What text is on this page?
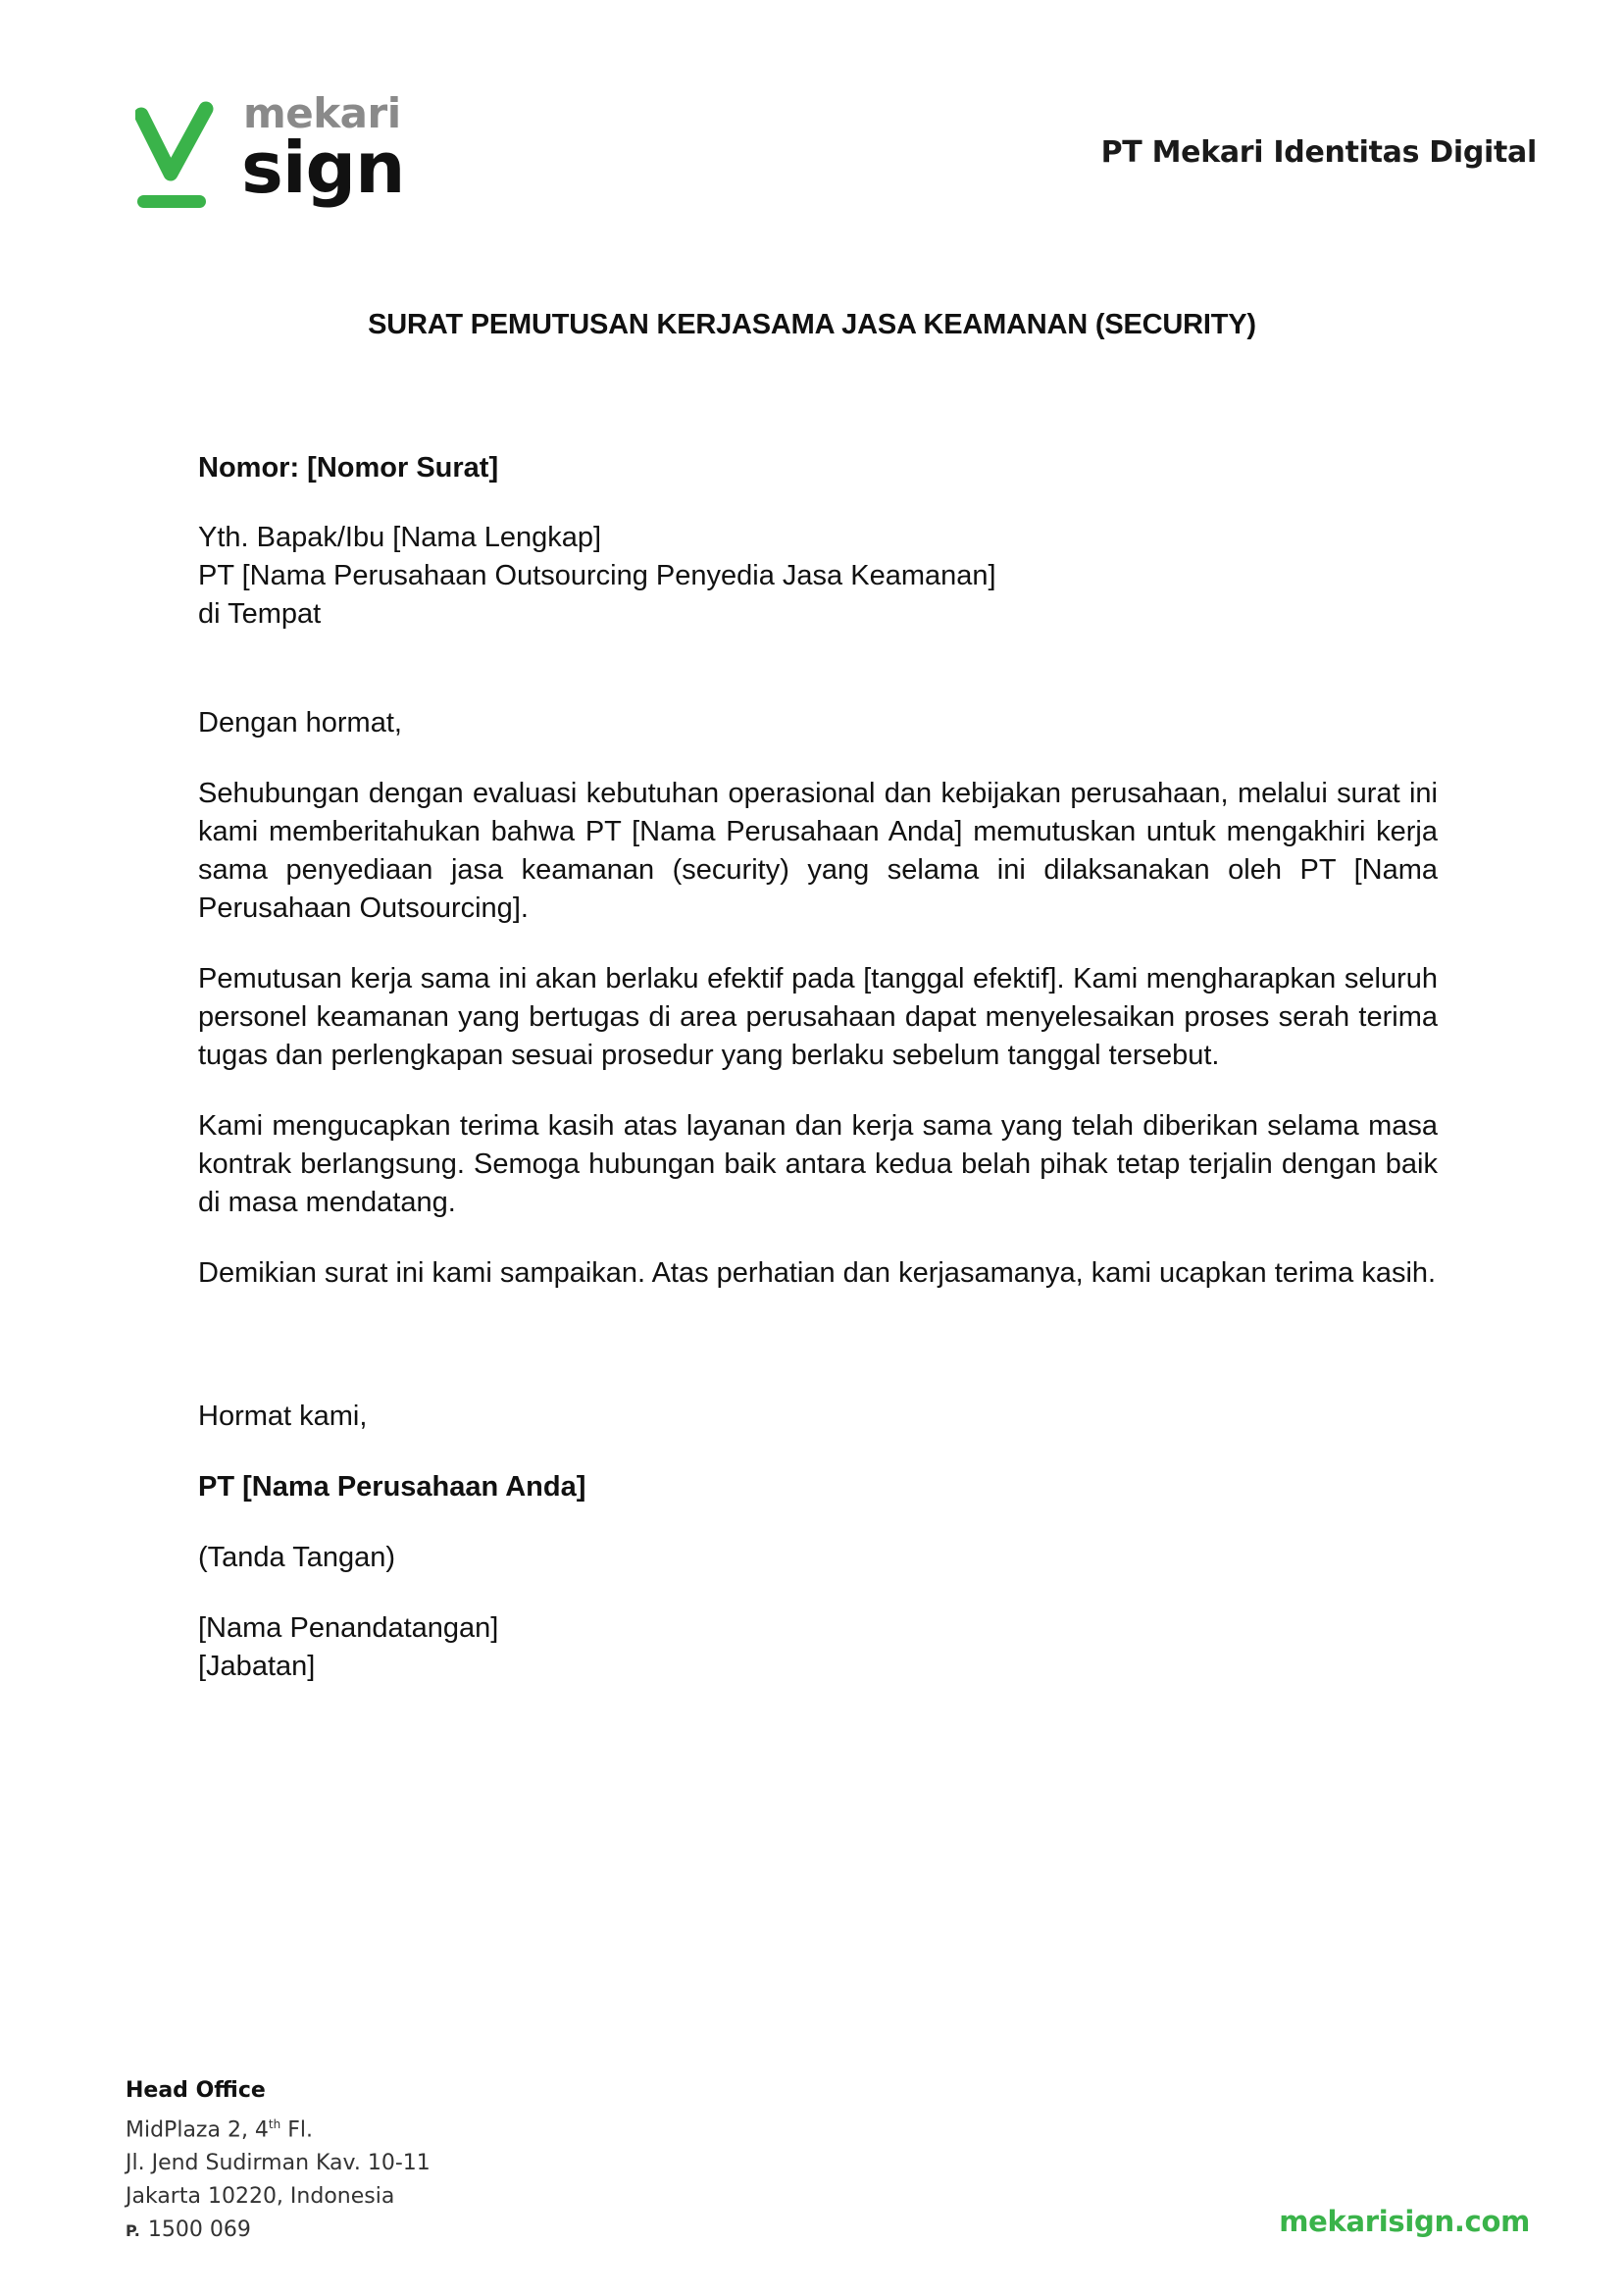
mekari
sign	PT Mekari Identitas Digital
SURAT PEMUTUSAN KERJASAMA JASA KEAMANAN (SECURITY)

Nomor: [Nomor Surat]

Yth. Bapak/Ibu [Nama Lengkap]

PT [Nama Perusahaan Outsourcing Penyedia Jasa Keamanan]

di Tempat

Dengan hormat,

Sehubungan dengan evaluasi kebutuhan operasional dan kebijakan perusahaan, melalui surat ini kami memberitahukan bahwa PT [Nama Perusahaan Anda] memutuskan untuk mengakhiri kerja sama penyediaan jasa keamanan (security) yang selama ini dilaksanakan oleh PT [Nama Perusahaan Outsourcing].

Pemutusan kerja sama ini akan berlaku efektif pada [tanggal efektif]. Kami mengharapkan seluruh personel keamanan yang bertugas di area perusahaan dapat menyelesaikan proses serah terima tugas dan perlengkapan sesuai prosedur yang berlaku sebelum tanggal tersebut.

Kami mengucapkan terima kasih atas layanan dan kerja sama yang telah diberikan selama masa kontrak berlangsung. Semoga hubungan baik antara kedua belah pihak tetap terjalin dengan baik di masa mendatang.

Demikian surat ini kami sampaikan. Atas perhatian dan kerjasamanya, kami ucapkan terima kasih.

Hormat kami,

PT [Nama Perusahaan Anda]

(Tanda Tangan)

[Nama Penandatangan]

[Jabatan]

Head Office
MidPlaza 2, 4th Fl.
Jl. Jend Sudirman Kav. 10-11
Jakarta 10220, Indonesia
P. 1500 069	mekarisign.com
